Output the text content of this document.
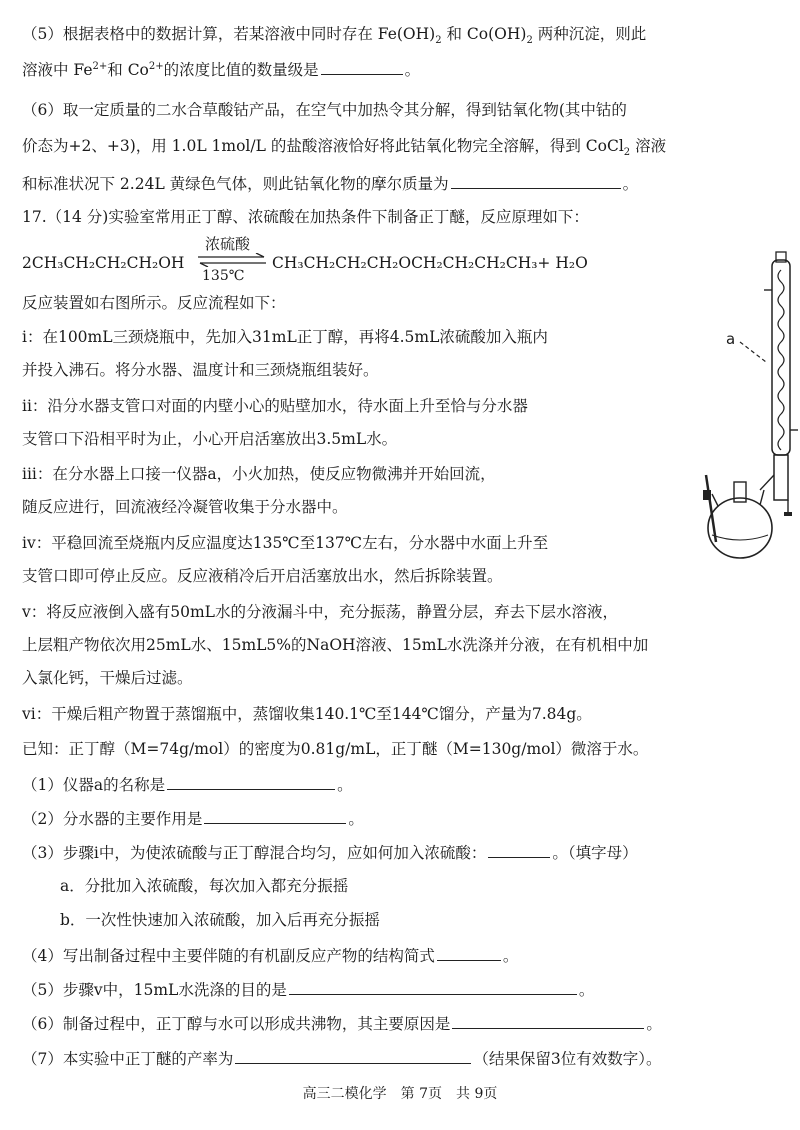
（5）根据表格中的数据计算，若某溶液中同时存在 $Fe(OH)_2$ 和 $Co(OH)_2$ 两种沉淀，则此
溶液中 $Fe^{2+}$和 $Co^{2+}$的浓度比值的数量级是	。
（6）取一定质量的二水合草酸钴产品，在空气中加热令其分解，得到钴氧化物(其中钴的
价态为+2、+3)，用 1.0L 1mol/L 的盐酸溶液恰好将此钴氧化物完全溶解，得到 CoCl$_2$ 溶液
和标准状况下 2.24L 黄绿色气体，则此钴氧化物的摩尔质量为	。
17.（14 分)实验室常用正丁醇、浓硫酸在加热条件下制备正丁醚，反应原理如下：
2CH₃CH₂CH₂CH₂OH
浓硫酸
135℃
CH₃CH₂CH₂CH₂OCH₂CH₂CH₂CH₃+ H₂O
反应装置如右图所示。反应流程如下：
i：在100mL三颈烧瓶中，先加入31mL正丁醇，再将4.5mL浓硫酸加入瓶内
并投入沸石。将分水器、温度计和三颈烧瓶组装好。
ii：沿分水器支管口对面的内壁小心的贴壁加水，待水面上升至恰与分水器
支管口下沿相平时为止，小心开启活塞放出3.5mL水。
iii：在分水器上口接一仪器a，小火加热，使反应物微沸并开始回流，
随反应进行，回流液经冷凝管收集于分水器中。
iv：平稳回流至烧瓶内反应温度达135℃至137℃左右，分水器中水面上升至
支管口即可停止反应。反应液稍冷后开启活塞放出水，然后拆除装置。
v：将反应液倒入盛有50mL水的分液漏斗中，充分振荡，静置分层，弃去下层水溶液，
上层粗产物依次用25mL水、15mL5%的NaOH溶液、15mL水洗涤并分液，在有机相中加
入氯化钙，干燥后过滤。
vi：干燥后粗产物置于蒸馏瓶中，蒸馏收集140.1℃至144℃馏分，产量为7.84g。
已知：正丁醇（M=74g/mol）的密度为0.81g/mL，正丁醚（M=130g/mol）微溶于水。
（1）仪器a的名称是	。
（2）分水器的主要作用是	。
（3）步骤i中，为使浓硫酸与正丁醇混合均匀，应如何加入浓硫酸：	。（填字母）
a．分批加入浓硫酸，每次加入都充分振摇
b．一次性快速加入浓硫酸，加入后再充分振摇
（4）写出制备过程中主要伴随的有机副反应产物的结构简式	。
（5）步骤v中，15mL水洗涤的目的是	。
（6）制备过程中，正丁醇与水可以形成共沸物，其主要原因是	。
（7）本实验中正丁醚的产率为	（结果保留3位有效数字）。
a
高三二模化学　第 7页　共 9页
